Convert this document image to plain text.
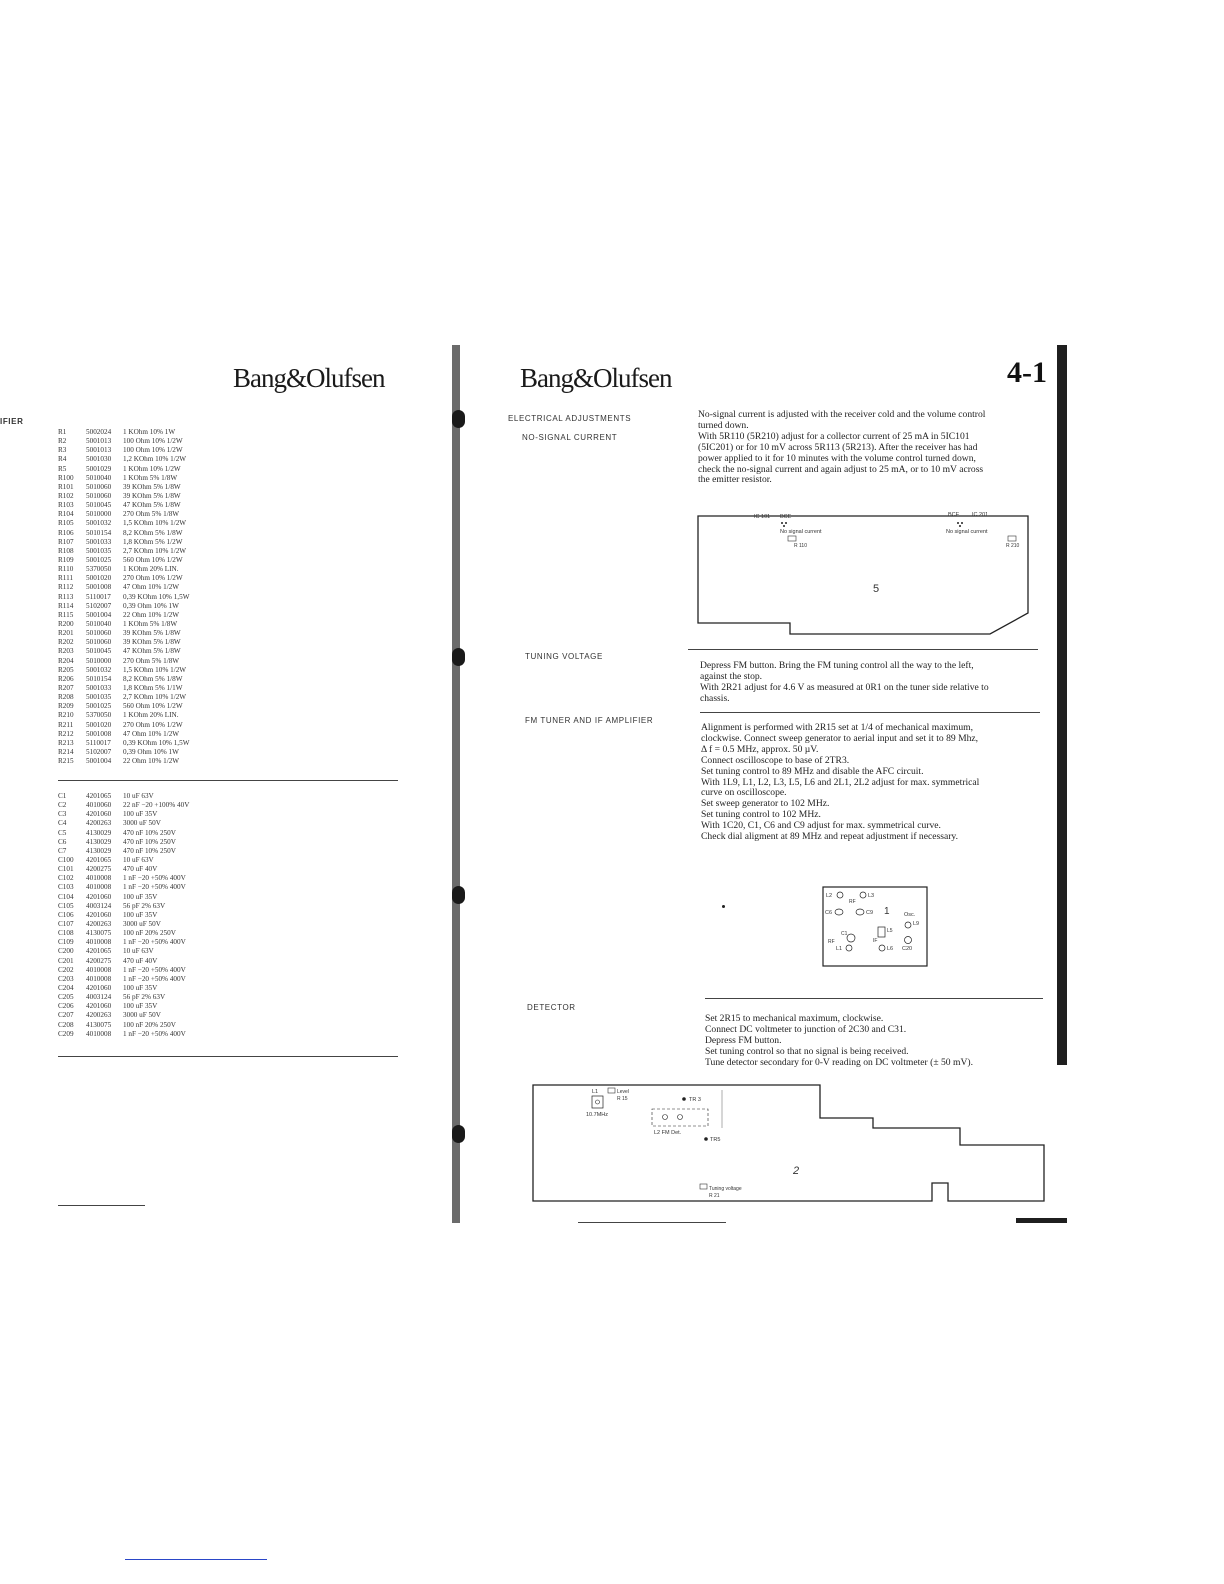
Bang&Olufsen
IFIER
R1	5002024	1 KOhm 10% 1W
R2	5001013	100 Ohm 10% 1/2W
R3	5001013	100 Ohm 10% 1/2W
R4	5001030	1,2 KOhm 10% 1/2W
R5	5001029	1 KOhm 10% 1/2W
R100	5010040	1 KOhm 5% 1/8W
R101	5010060	39 KOhm 5% 1/8W
R102	5010060	39 KOhm 5% 1/8W
R103	5010045	47 KOhm 5% 1/8W
R104	5010000	270 Ohm 5% 1/8W
R105	5001032	1,5 KOhm 10% 1/2W
R106	5010154	8,2 KOhm 5% 1/8W
R107	5001033	1,8 KOhm 5% 1/2W
R108	5001035	2,7 KOhm 10% 1/2W
R109	5001025	560 Ohm 10% 1/2W
R110	5370050	1 KOhm 20% LIN.
R111	5001020	270 Ohm 10% 1/2W
R112	5001008	47 Ohm 10% 1/2W
R113	5110017	0,39 KOhm 10% 1,5W
R114	5102007	0,39 Ohm 10% 1W
R115	5001004	22 Ohm 10% 1/2W
R200	5010040	1 KOhm 5% 1/8W
R201	5010060	39 KOhm 5% 1/8W
R202	5010060	39 KOhm 5% 1/8W
R203	5010045	47 KOhm 5% 1/8W
R204	5010000	270 Ohm 5% 1/8W
R205	5001032	1,5 KOhm 10% 1/2W
R206	5010154	8,2 KOhm 5% 1/8W
R207	5001033	1,8 KOhm 5% 1/1W
R208	5001035	2,7 KOhm 10% 1/2W
R209	5001025	560 Ohm 10% 1/2W
R210	5370050	1 KOhm 20% LIN.
R211	5001020	270 Ohm 10% 1/2W
R212	5001008	47 Ohm 10% 1/2W
R213	5110017	0,39 KOhm 10% 1,5W
R214	5102007	0,39 Ohm 10% 1W
R215	5001004	22 Ohm 10% 1/2W
C1	4201065	10 uF 63V
C2	4010060	22 nF −20 +100% 40V
C3	4201060	100 uF 35V
C4	4200263	3000 uF 50V
C5	4130029	470 nF 10% 250V
C6	4130029	470 nF 10% 250V
C7	4130029	470 nF 10% 250V
C100	4201065	10 uF 63V
C101	4200275	470 uF 40V
C102	4010008	1 nF −20 +50% 400V
C103	4010008	1 nF −20 +50% 400V
C104	4201060	100 uF 35V
C105	4003124	56 pF 2% 63V
C106	4201060	100 uF 35V
C107	4200263	3000 uF 50V
C108	4130075	100 nF 20% 250V
C109	4010008	1 nF −20 +50% 400V
C200	4201065	10 uF 63V
C201	4200275	470 uF 40V
C202	4010008	1 nF −20 +50% 400V
C203	4010008	1 nF −20 +50% 400V
C204	4201060	100 uF 35V
C205	4003124	56 pF 2% 63V
C206	4201060	100 uF 35V
C207	4200263	3000 uF 50V
C208	4130075	100 nF 20% 250V
C209	4010008	1 nF −20 +50% 400V
Bang&Olufsen	4-1
ELECTRICAL ADJUSTMENTS
NO-SIGNAL CURRENT
No-signal current is adjusted with the receiver cold and the volume control
turned down.
With 5R110 (5R210) adjust for a collector current of 25 mA in 5IC101
(5IC201) or for 10 mV across 5R113 (5R213). After the receiver has had
power applied to it for 10 minutes with the volume control turned down,
check the no-signal current and again adjust to 25 mA, or to 10 mV across
the emitter resistor.
IC 101 BCE	BCE IC 201
No signal current	No signal current
R 110	R 210
5
TUNING VOLTAGE
Depress FM button. Bring the FM tuning control all the way to the left,
against the stop.
With 2R21 adjust for 4.6 V as measured at 0R1 on the tuner side relative to
chassis.
FM TUNER AND IF AMPLIFIER
Alignment is performed with 2R15 set at 1/4 of mechanical maximum,
clockwise. Connect sweep generator to aerial input and set it to 89 Mhz,
Δ f = 0.5 MHz, approx. 50 µV.
Connect oscilloscope to base of 2TR3.
Set tuning control to 89 MHz and disable the AFC circuit.
With 1L9, L1, L2, L3, L5, L6 and 2L1, 2L2 adjust for max. symmetrical
curve on oscilloscope.
Set sweep generator to 102 MHz.
Set tuning control to 102 MHz.
With 1C20, C1, C6 and C9 adjust for max. symmetrical curve.
Check dial aligment at 89 MHz and repeat adjustment if necessary.
L2	L3
RF
C6	C9 1	Osc.
L9
C1	L5
RF	IF
L1	L6 C20
DETECTOR
Set 2R15 to mechanical maximum, clockwise.
Connect DC voltmeter to junction of 2C30 and C31.
Depress FM button.
Set tuning control so that no signal is being received.
Tune detector secondary for 0-V reading on DC voltmeter (± 50 mV).
L1	Level
R 15
10.7MHz
TR 3
L2 FM Det.
TR5
2
Tuning voltage
R 21
